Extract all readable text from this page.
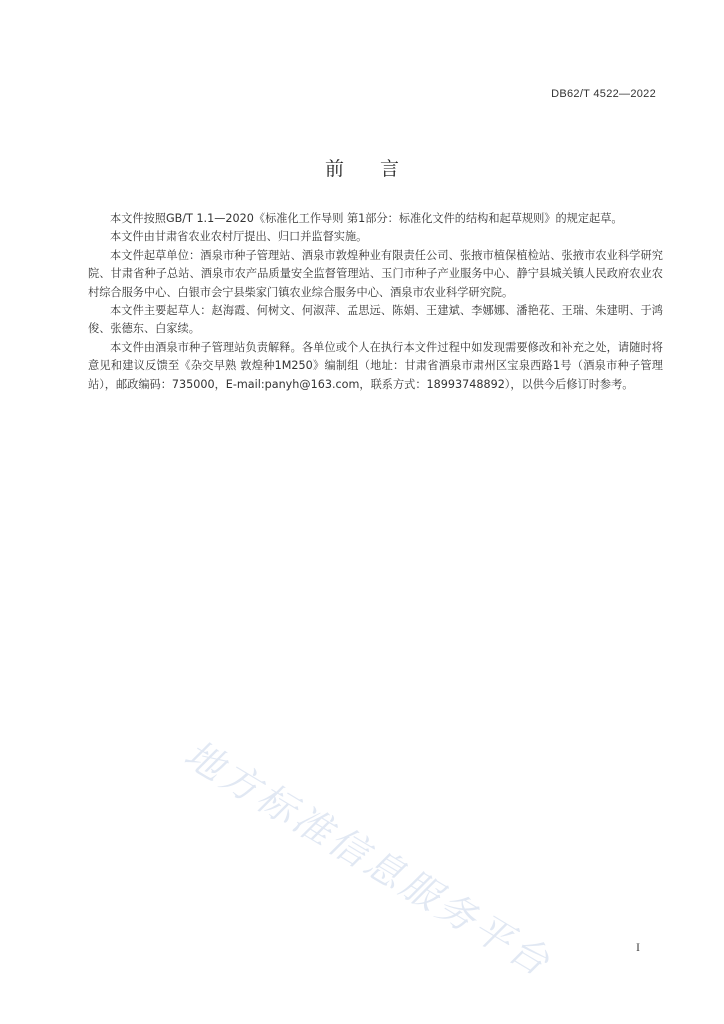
DB62/T 4522—2022
前言

本文件按照GB/T 1.1—2020《标准化工作导则 第1部分：标准化文件的结构和起草规则》的规定起草。

本文件由甘肃省农业农村厅提出、归口并监督实施。

本文件起草单位：酒泉市种子管理站、酒泉市敦煌种业有限责任公司、张掖市植保植检站、张掖市农业科学研究院、甘肃省种子总站、酒泉市农产品质量安全监督管理站、玉门市种子产业服务中心、静宁县城关镇人民政府农业农村综合服务中心、白银市会宁县柴家门镇农业综合服务中心、酒泉市农业科学研究院。

本文件主要起草人：赵海霞、何树文、何淑萍、孟思远、陈娟、王建斌、李娜娜、潘艳花、王瑞、朱建明、于鸿俊、张德东、白家续。

本文件由酒泉市种子管理站负责解释。各单位或个人在执行本文件过程中如发现需要修改和补充之处，请随时将意见和建议反馈至《杂交早熟 敦煌种1M250》编制组（地址：甘肃省酒泉市肃州区宝泉西路1号（酒泉市种子管理站），邮政编码：735000，E-mail:panyh@163.com，联系方式：18993748892），以供今后修订时参考。

地方标准信息服务平台	I
